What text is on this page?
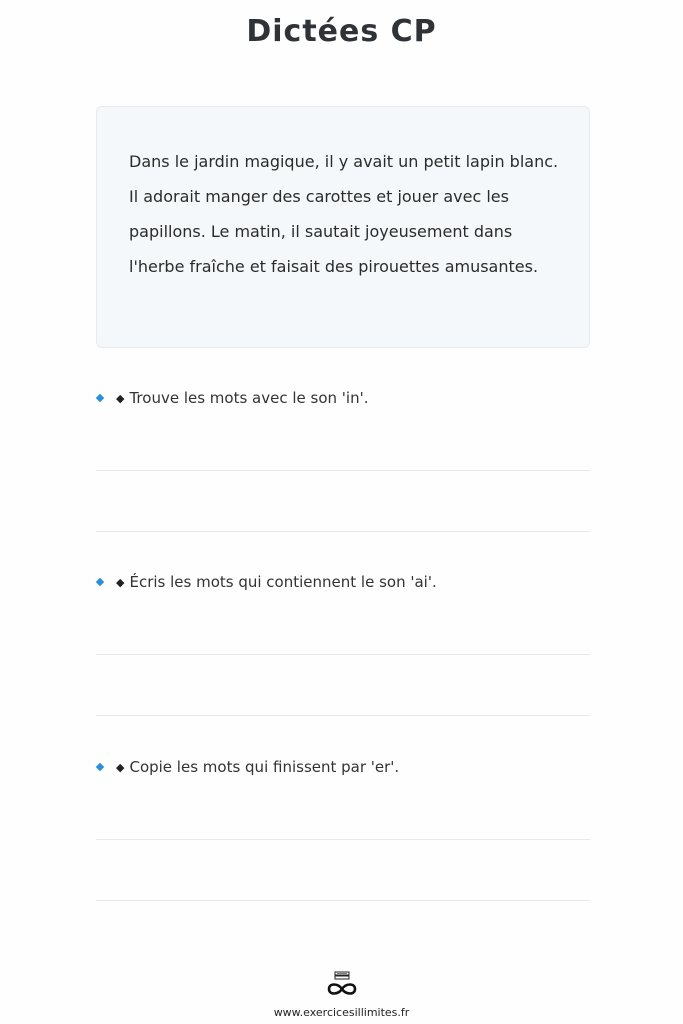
Dictées CP
Dans le jardin magique, il y avait un petit lapin blanc. Il adorait manger des carottes et jouer avec les papillons. Le matin, il sautait joyeusement dans l'herbe fraîche et faisait des pirouettes amusantes.
◆ Trouve les mots avec le son 'in'.
◆ Écris les mots qui contiennent le son 'ai'.
◆ Copie les mots qui finissent par 'er'.
www.exercicesillimites.fr
